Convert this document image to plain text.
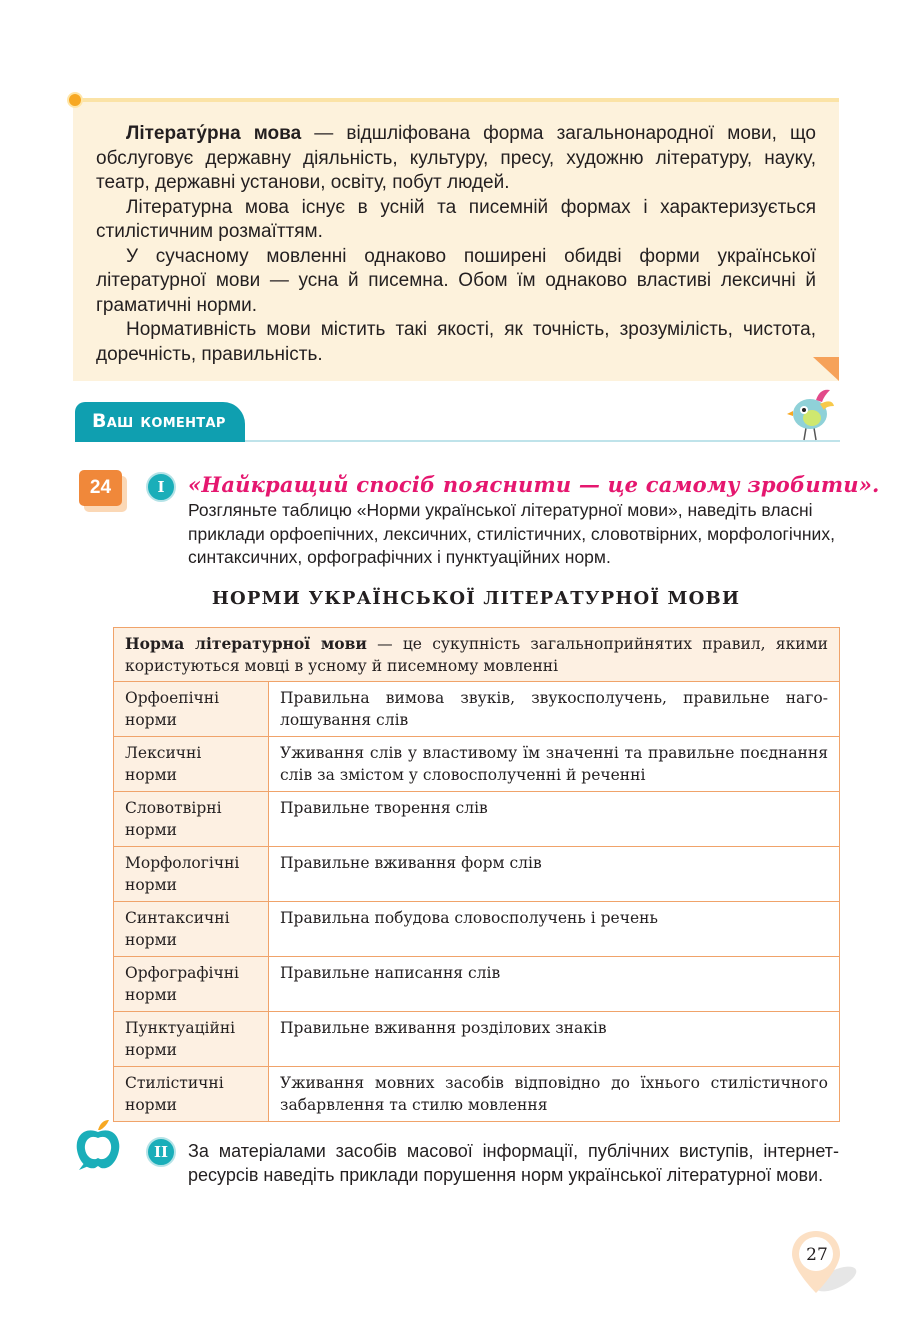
Літерату́рна мова — відшліфована форма загальнонародної мови, що обслуговує державну діяльність, культуру, пресу, художню літературу, науку, театр, державні установи, освіту, побут людей.

Літературна мова існує в усній та писемній формах і характеризується стилістичним розмаїттям.

У сучасному мовленні однаково поширені обидві форми української літературної мови — усна й писемна. Обом їм однаково властиві лексичні й граматичні норми.

Нормативність мови містить такі якості, як точність, зрозумілість, чистота, доречність, правильність.

Ваш коментар
24	I	«Найкращий спосіб пояснити — це самому зробити».

Розгляньте таблицю «Норми української літературної мови», наведіть власні приклади орфоепічних, лексичних, стилістичних, словотвірних, морфологічних, синтаксичних, орфографічних і пунктуаційних норм.

НОРМИ УКРАЇНСЬКОЇ ЛІТЕРАТУРНОЇ МОВИ
Норма літературної мови — це сукупність загальноприйнятих правил, якими користуються мовці в усному й писемному мовленні	
Орфоепічні норми	Правильна вимова звуків, звукосполучень, правильне наголошування слів
Лексичні норми	Уживання слів у властивому їм значенні та правильне поєднання слів за змістом у словосполученні й реченні
Словотвірні норми	Правильне творення слів
Морфологічні норми	Правильне вживання форм слів
Синтаксичні норми	Правильна побудова словосполучень і речень
Орфографічні норми	Правильне написання слів
Пунктуаційні норми	Правильне вживання розділових знаків
Стилістичні норми	Уживання мовних засобів відповідно до їхнього стилістичного забарвлення та стилю мовлення
II	За матеріалами засобів масової інформації, публічних виступів, інтернет-ресурсів наведіть приклади порушення норм української літературної мови.

27
